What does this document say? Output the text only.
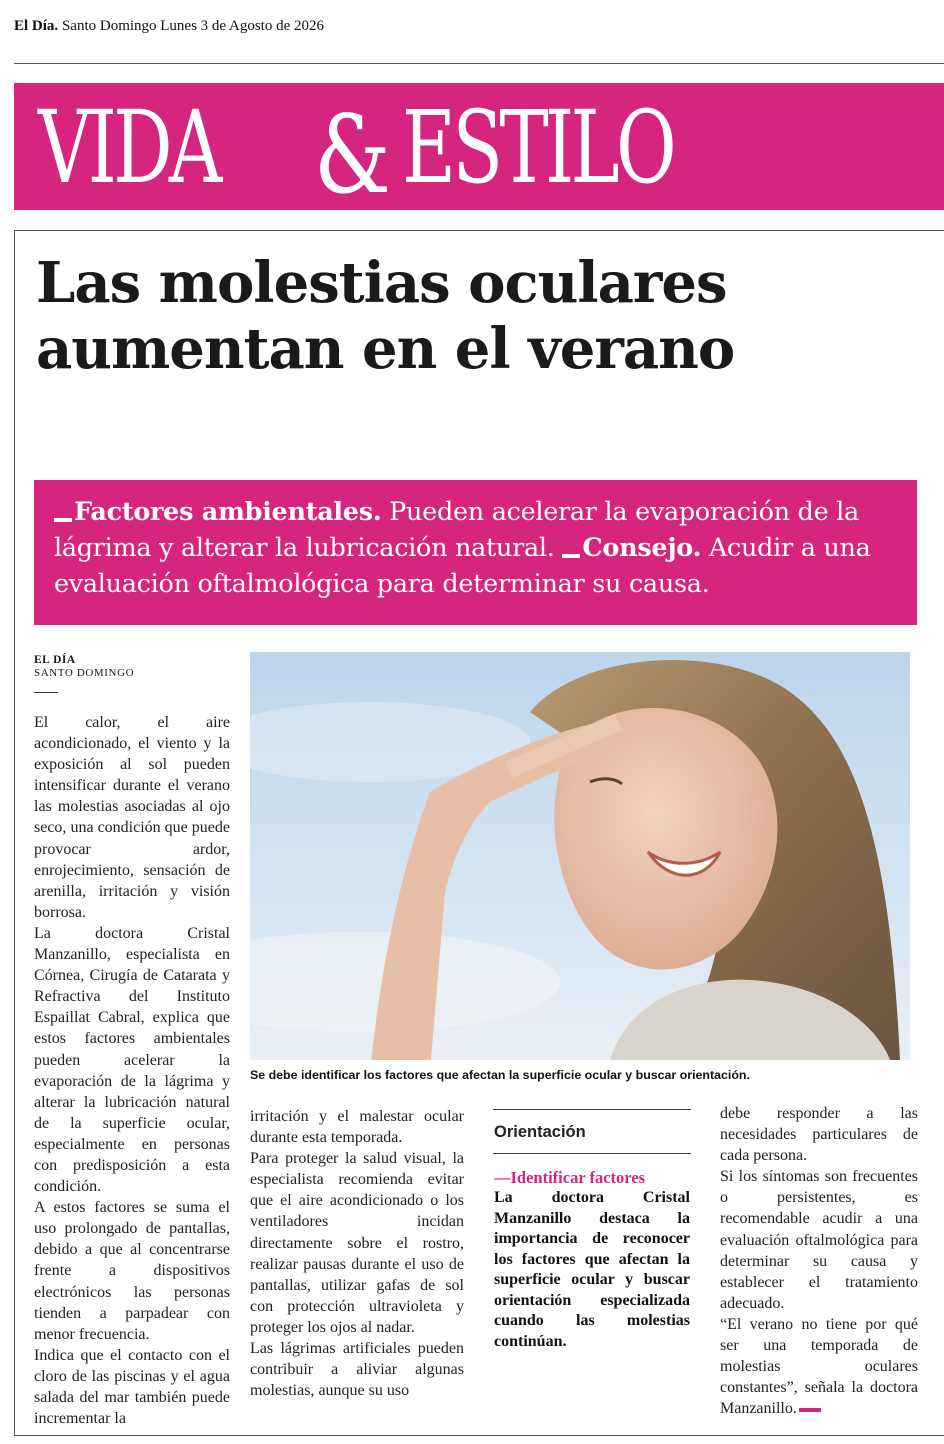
El Día. Santo Domingo Lunes 3 de Agosto de 2026
VIDA & ESTILO
Las molestias oculares
aumentan en el verano
Factores ambientales. Pueden acelerar la evaporación de la lágrima y alterar la lubricación natural. Consejo. Acudir a una evaluación oftalmológica para determinar su causa.
EL DÍA
SANTO DOMINGO

El calor, el aire acondicionado, el viento y la exposición al sol pueden intensificar durante el verano las molestias asociadas al ojo seco, una condición que puede provocar ardor, enrojecimiento, sensación de arenilla, irritación y visión borrosa.

La doctora Cristal Manzanillo, especialista en Córnea, Cirugía de Catarata y Refractiva del Instituto Espaillat Cabral, explica que estos factores ambientales pueden acelerar la evaporación de la lágrima y alterar la lubricación natural de la superficie ocular, especialmente en personas con predisposición a esta condición.

A estos factores se suma el uso prolongado de pantallas, debido a que al concentrarse frente a dispositivos electrónicos las personas tienden a parpadear con menor frecuencia.

Indica que el contacto con el cloro de las piscinas y el agua salada del mar también puede incrementar la

Se debe identificar los factores que afectan la superficie ocular y buscar orientación.

irritación y el malestar ocular durante esta temporada.

Para proteger la salud visual, la especialista recomienda evitar que el aire acondicionado o los ventiladores incidan directamente sobre el rostro, realizar pausas durante el uso de pantallas, utilizar gafas de sol con protección ultravioleta y proteger los ojos al nadar.

Las lágrimas artificiales pueden contribuir a aliviar algunas molestias, aunque su uso

Orientación
—Identificar factores
La doctora Cristal Manzanillo destaca la importancia de reconocer los factores que afectan la superficie ocular y buscar orientación especializada cuando las molestias continúan.

debe responder a las necesidades particulares de cada persona.

Si los síntomas son frecuentes o persistentes, es recomendable acudir a una evaluación oftalmológica para determinar su causa y establecer el tratamiento adecuado.

“El verano no tiene por qué ser una temporada de molestias oculares constantes”, señala la doctora Manzanillo.
